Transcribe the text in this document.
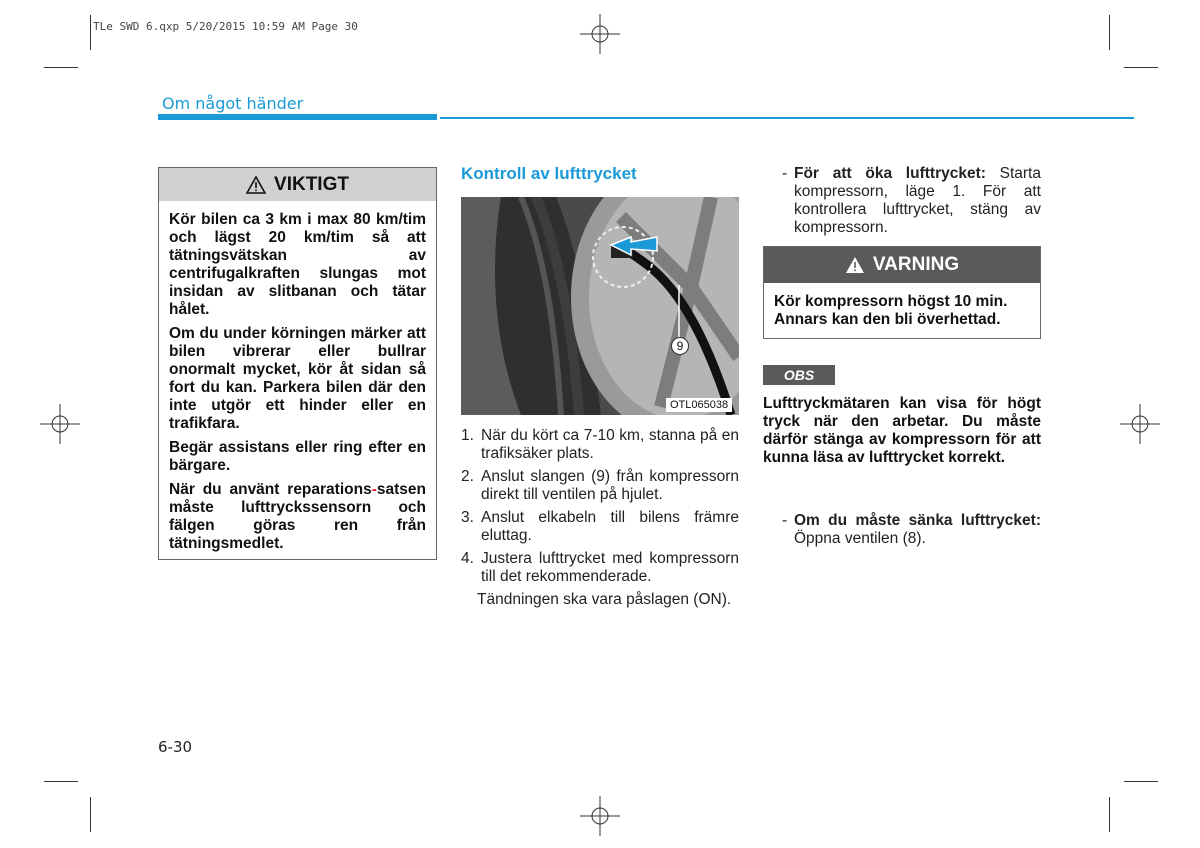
TLe SWD 6.qxp 5/20/2015 10:59 AM Page 30
Om något händer
VIKTIGT

Kör bilen ca 3 km i max 80 km/tim och lägst 20 km/tim så att tätningsvätskan av centrifugalkraften slungas mot insidan av slitbanan och tätar hålet.

Om du under körningen märker att bilen vibrerar eller bullrar onormalt mycket, kör åt sidan så fort du kan. Parkera bilen där den inte utgör ett hinder eller en trafikfara.

Begär assistans eller ring efter en bärgare.

När du använt reparations-satsen måste lufttryckssensorn och fälgen göras ren från tätningsmedlet.

Kontroll av lufttrycket
9
OTL065038
1. När du kört ca 7-10 km, stanna på en trafiksäker plats.
2. Anslut slangen (9) från kompressorn direkt till ventilen på hjulet.
3. Anslut elkabeln till bilens främre eluttag.
4. Justera lufttrycket med kompressorn till det rekommenderade.
Tändningen ska vara påslagen (ON).
- För att öka lufttrycket: Starta kompressorn, läge 1. För att kontrollera lufttrycket, stäng av kompressorn.
VARNING
Kör kompressorn högst 10 min. Annars kan den bli överhettad.
OBS
Lufttryckmätaren kan visa för högt tryck när den arbetar. Du måste därför stänga av kompressorn för att kunna läsa av lufttrycket korrekt.
- Om du måste sänka lufttrycket: Öppna ventilen (8).
6-30
